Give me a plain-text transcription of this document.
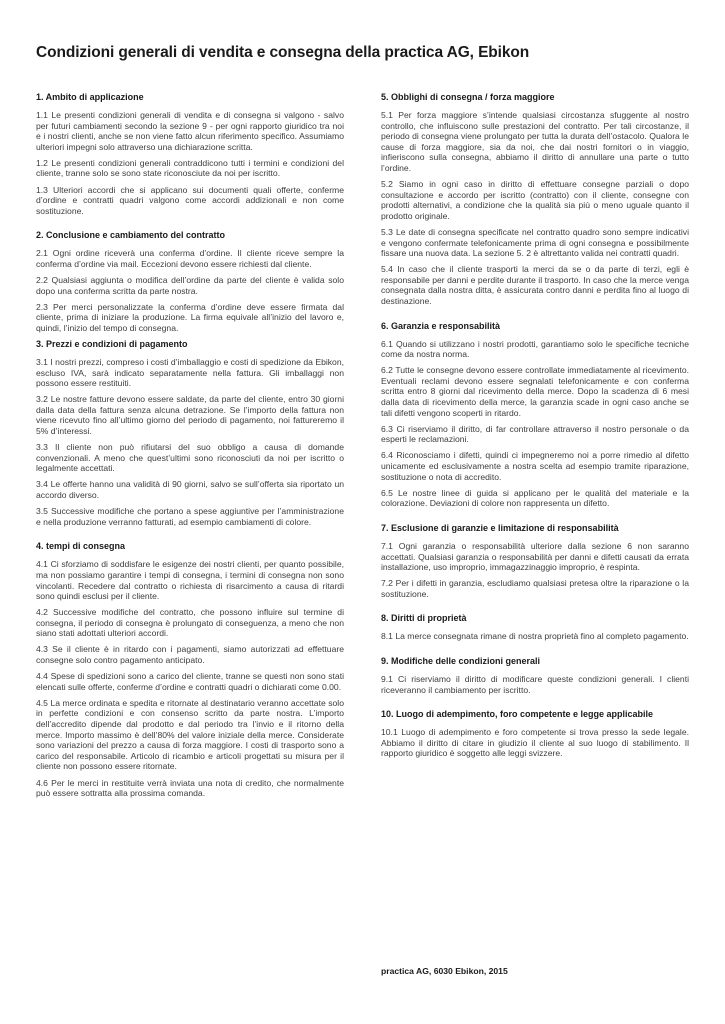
Condizioni generali di vendita e consegna della practica AG, Ebikon
1. Ambito di applicazione

1.1 Le presenti condizioni generali di vendita e di consegna si valgono - salvo per futuri cambiamenti secondo la sezione 9 - per ogni rapporto giuridico tra noi e i nostri clienti, anche se non viene fatto alcun riferimento specifico. Assumiamo ulteriori impegni solo attraverso una dichiarazione scritta.

1.2 Le presenti condizioni generali contraddicono tutti i termini e condizioni del cliente, tranne solo se sono state riconosciute da noi per iscritto.

1.3 Ulteriori accordi che si applicano sui documenti quali offerte, conferme d’ordine e contratti quadri valgono come accordi addizionali e non come sostituzione.

2. Conclusione e cambiamento del contratto

2.1 Ogni ordine riceverà una conferma d’ordine. Il cliente riceve sempre la conferma d’ordine via mail. Eccezioni devono essere richiesti dal cliente.

2.2 Qualsiasi aggiunta o modifica dell’ordine da parte del cliente è valida solo dopo una conferma scritta da parte nostra.

2.3 Per merci personalizzate la conferma d’ordine deve essere firmata dal cliente, prima di iniziare la produzione. La firma equivale all’inizio del lavoro e, quindi, l’inizio del tempo di consegna.

3. Prezzi e condizioni di pagamento

3.1 I nostri prezzi, compreso i costi d’imballaggio e costi di spedizione da Ebikon, escluso IVA, sarà indicato separatamente nella fattura. Gli imballaggi non possono essere restituiti.

3.2 Le nostre fatture devono essere saldate, da parte del cliente, entro 30 giorni dalla data della fattura senza alcuna detrazione. Se l’importo della fattura non viene ricevuto fino all’ultimo giorno del periodo di pagamento, noi fattureremo il 5% d’interessi.

3.3 Il cliente non può rifiutarsi del suo obbligo a causa di domande convenzionali. A meno che quest’ultimi sono riconosciuti da noi per iscritto o legalmente accettati.

3.4 Le offerte hanno una validità di 90 giorni, salvo se sull’offerta sia riportato un accordo diverso.

3.5 Successive modifiche che portano a spese aggiuntive per l’amministrazione e nella produzione verranno fatturati, ad esempio cambiamenti di colore.

4. tempi di consegna

4.1 Ci sforziamo di soddisfare le esigenze dei nostri clienti, per quanto possibile, ma non possiamo garantire i tempi di consegna, i termini di consegna non sono vincolanti. Recedere dal contratto o richiesta di risarcimento a causa di ritardi sono quindi esclusi per il cliente.

4.2 Successive modifiche del contratto, che possono influire sul termine di consegna, il periodo di consegna è prolungato di conseguenza, a meno che non siano stati adottati ulteriori accordi.

4.3 Se il cliente è in ritardo con i pagamenti, siamo autorizzati ad effettuare consegne solo contro pagamento anticipato.

4.4 Spese di spedizioni sono a carico del cliente, tranne se questi non sono stati elencati sulle offerte, conferme d’ordine e contratti quadri o dichiarati come 0.00.

4.5 La merce ordinata e spedita e ritornate al destinatario veranno accettate solo in perfette condizioni e con consenso scritto da parte nostra. L’importo dell’accredito dipende dal prodotto e dal periodo tra l’invio e il ritorno della merce. Importo massimo è dell’80% del valore iniziale della merce. Considerate sono variazioni del prezzo a causa di forza maggiore. I costi di trasporto sono a carico del responsabile. Articolo di ricambio e articoli progettati su misura per il cliente non possono essere ritornate.

4.6 Per le merci in restituite verrà inviata una nota di credito, che normalmente può essere sottratta alla prossima comanda.

5. Obblighi di consegna / forza maggiore

5.1 Per forza maggiore s’intende qualsiasi circostanza sfuggente al nostro controllo, che influiscono sulle prestazioni del contratto. Per tali circostanze, il periodo di consegna viene prolungato per tutta la durata dell’ostacolo. Qualora le cause di forza maggiore, sia da noi, che dai nostri fornitori o in viaggio, infieriscono sulla consegna, abbiamo il diritto di annullare una parte o tutto l’ordine.

5.2 Siamo in ogni caso in diritto di effettuare consegne parziali o dopo consultazione e accordo per iscritto (contratto) con il cliente, consegne con prodotti alternativi, a condizione che la qualità sia più o meno uguale quanto il prodotto originale.

5.3 Le date di consegna specificate nel contratto quadro sono sempre indicativi e vengono confermate telefonicamente prima di ogni consegna e possibilmente fissare una nuova data. La sezione 5. 2 è altrettanto valida nei contratti quadri.

5.4 In caso che il cliente trasporti la merci da se o da parte di terzi, egli è responsabile per danni e perdite durante il trasporto. In caso che la merce venga consegnata dalla nostra ditta, è assicurata contro danni e perdita fino al luogo di destinazione.

6. Garanzia e responsabilità

6.1 Quando si utilizzano i nostri prodotti, garantiamo solo le specifiche tecniche come da nostra norma.

6.2 Tutte le consegne devono essere controllate immediatamente al ricevimento. Eventuali reclami devono essere segnalati telefonicamente e con conferma scritta entro 8 giorni dal ricevimento della merce. Dopo la scadenza di 6 mesi dalla data di ricevimento della merce, la garanzia scade in ogni caso anche se tali difetti vengono scoperti in ritardo.

6.3 Ci riserviamo il diritto, di far controllare attraverso il nostro personale o da esperti le reclamazioni.

6.4 Riconosciamo i difetti, quindi ci impegneremo noi a porre rimedio al difetto unicamente ed esclusivamente a nostra scelta ad esempio tramite riparazione, sostituzione o nota di accredito.

6.5 Le nostre linee di guida si applicano per le qualità del materiale e la colorazione. Deviazioni di colore non rappresenta un difetto.

7. Esclusione di garanzie e limitazione di responsabilità

7.1 Ogni garanzia o responsabilità ulteriore dalla sezione 6 non saranno accettati. Qualsiasi garanzia o responsabilità per danni e difetti causati da errata installazione, uso improprio, immagazzinaggio improprio, è respinta.

7.2 Per i difetti in garanzia, escludiamo qualsiasi pretesa oltre la riparazione o la sostituzione.

8. Diritti di proprietà

8.1 La merce consegnata rimane di nostra proprietà fino al completo pagamento.

9. Modifiche delle condizioni generali

9.1 Ci riserviamo il diritto di modificare queste condizioni generali. I clienti riceveranno il cambiamento per iscritto.

10. Luogo di adempimento, foro competente e legge applicabile

10.1 Luogo di adempimento e foro competente si trova presso la sede legale. Abbiamo il diritto di citare in giudizio il cliente al suo luogo di stabilimento. Il rapporto giuridico è soggetto alle leggi svizzere.

practica AG, 6030 Ebikon, 2015
